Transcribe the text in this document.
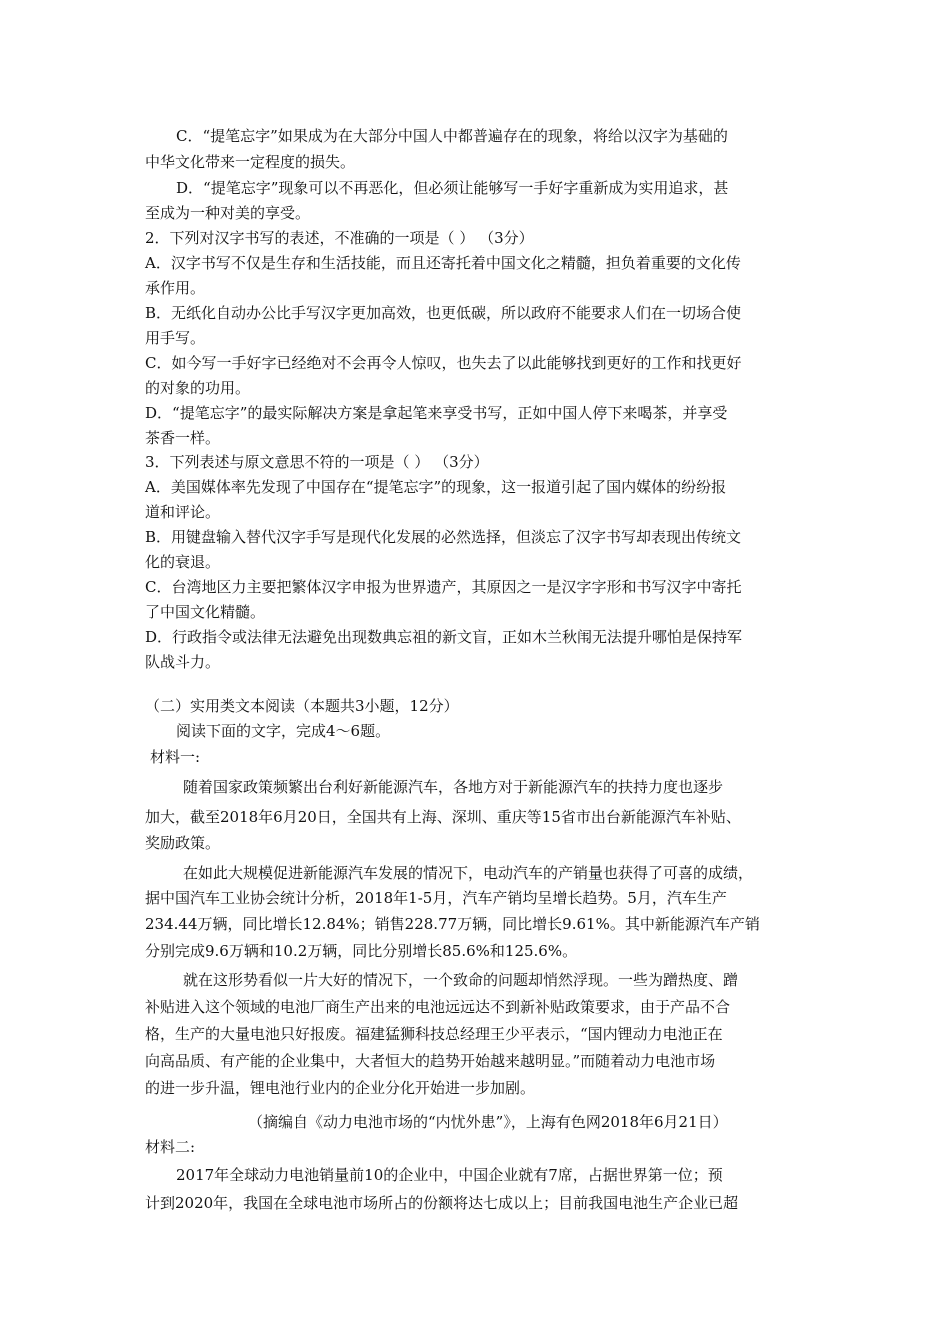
C．“提笔忘字”如果成为在大部分中国人中都普遍存在的现象，将给以汉字为基础的
中华文化带来一定程度的损失。
D．“提笔忘字”现象可以不再恶化，但必须让能够写一手好字重新成为实用追求，甚
至成为一种对美的享受。
2．下列对汉字书写的表述，不准确的一项是（ ） （3分）
A．汉字书写不仅是生存和生活技能，而且还寄托着中国文化之精髓，担负着重要的文化传
承作用。
B．无纸化自动办公比手写汉字更加高效，也更低碳，所以政府不能要求人们在一切场合使
用手写。
C．如今写一手好字已经绝对不会再令人惊叹，也失去了以此能够找到更好的工作和找更好
的对象的功用。
D．“提笔忘字”的最实际解决方案是拿起笔来享受书写，正如中国人停下来喝茶，并享受
茶香一样。
3．下列表述与原文意思不符的一项是（ ） （3分）
A．美国媒体率先发现了中国存在“提笔忘字”的现象，这一报道引起了国内媒体的纷纷报
道和评论。
B．用键盘输入替代汉字手写是现代化发展的必然选择，但淡忘了汉字书写却表现出传统文
化的衰退。
C．台湾地区力主要把繁体汉字申报为世界遗产，其原因之一是汉字字形和书写汉字中寄托
了中国文化精髓。
D．行政指令或法律无法避免出现数典忘祖的新文盲，正如木兰秋闱无法提升哪怕是保持军
队战斗力。
（二）实用类文本阅读（本题共3小题，12分）
阅读下面的文字，完成4～6题。
材料一:
随着国家政策频繁出台利好新能源汽车，各地方对于新能源汽车的扶持力度也逐步
加大，截至2018年6月20日，全国共有上海、深圳、重庆等15省市出台新能源汽车补贴、
奖励政策。
在如此大规模促进新能源汽车发展的情况下，电动汽车的产销量也获得了可喜的成绩，
据中国汽车工业协会统计分析，2018年1-5月，汽车产销均呈增长趋势。5月，汽车生产
234.44万辆，同比增长12.84%；销售228.77万辆，同比增长9.61%。其中新能源汽车产销
分别完成9.6万辆和10.2万辆，同比分别增长85.6%和125.6%。
就在这形势看似一片大好的情况下，一个致命的问题却悄然浮现。一些为蹭热度、蹭
补贴进入这个领域的电池厂商生产出来的电池远远达不到新补贴政策要求，由于产品不合
格，生产的大量电池只好报废。福建猛狮科技总经理王少平表示，“国内锂动力电池正在
向高品质、有产能的企业集中，大者恒大的趋势开始越来越明显。”而随着动力电池市场
的进一步升温，锂电池行业内的企业分化开始进一步加剧。
（摘编自《动力电池市场的“内忧外患”》，上海有色网2018年6月21日）
材料二:
2017年全球动力电池销量前10的企业中，中国企业就有7席，占据世界第一位；预
计到2020年，我国在全球电池市场所占的份额将达七成以上；目前我国电池生产企业已超
